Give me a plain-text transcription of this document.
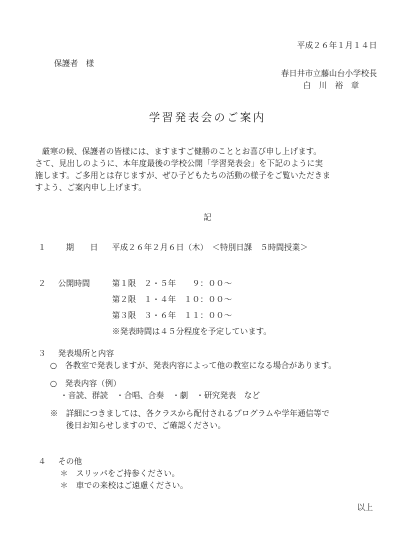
平成２６年１月１４日
保護者　様
春日井市立藤山台小学校長
白　川　裕　章
学習発表会のご案内
厳寒の候、保護者の皆様には、ますますご健勝のこととお喜び申し上げます。
さて、見出しのように、本年度最後の学校公開「学習発表会」を下記のように実
施します。ご多用とは存じますが、ぜひ子どもたちの活動の様子をご覧いただきま
すよう、ご案内申し上げます。
記
１	期　　日 平成２６年２月６日（木）　＜特別日課　５時間授業＞
２ 公開時間	第１限　２・５年　　９：００〜
第２限　１・４年　１０：００〜
第３限　３・６年　１１：００〜
※発表時間は４５分程度を予定しています。
３ 発表場所と内容
○　各教室で発表しますが、発表内容によって他の教室になる場合があります。
○　発表内容（例）
・音読、群読　・合唱、合奏　・劇　・研究発表　など
※　詳細につきましては、各クラスから配付されるプログラムや学年通信等で
後日お知らせしますので、ご確認ください。
４ その他
＊　スリッパをご持参ください。
＊　車での来校はご遠慮ください。
以上
